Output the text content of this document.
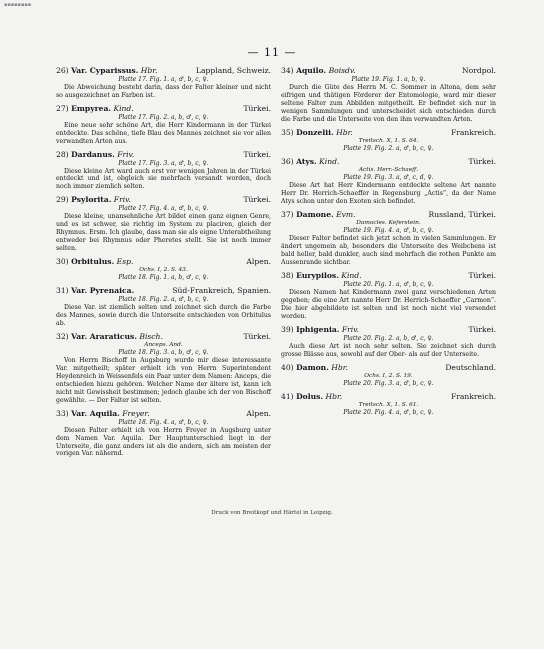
▪▪▪▪▪▪▪▪
— 11 —
26) Var. Cyparissus. Hbr.	Lappland, Schweiz.
Platte 17. Fig. 1. a, ♂, b, c, ♀.
Die Abweichung besteht darin, dass der Falter kleiner und nicht so ausgezeichnet an Farben ist.
27) Empyrea. Kind.	Türkei.
Platte 17. Fig. 2. a, b, ♂, c, ♀.
Eine neue sehr schöne Art, die Herr Kindermann in der Türkei entdeckte. Das schöne, tiefe Blau des Mannes zeichnet sie vor allen verwandten Arten aus.
28) Dardanus. Friv.	Türkei.
Platte 17. Fig. 3. a, ♂, b, c, ♀.
Diese kleine Art ward auch erst vor wenigen Jahren in der Türkei entdeckt und ist, obgleich sie mehrfach versandt worden, doch noch immer ziemlich selten.
29) Psylorita. Friv.	Türkei.
Platte 17. Fig. 4. a, ♂, b, c, ♀.
Diese kleine, unansehnliche Art bildet einen ganz eignen Genre, und es ist schwer, sie richtig im System zu placiren, gleich der Rhymnus. Ersm. Ich glaube, dass man sie als eigne Unterabtheilung entweder bei Rhymnus oder Pheretes stellt. Sie ist noch immer selten.
30) Orbitulus. Esp.	Alpen.
Ochs. I, 2. S. 43.
Platte 18. Fig. 1. a, b, ♂, c, ♀.
31) Var. Pyrenaica.	Süd-Frankreich, Spanien.
Platte 18. Fig. 2. a, ♂, b, c, ♀.
Diese Var. ist ziemlich selten und zeichnet sich durch die Farbe des Mannes, sowie durch die Unterseite entschieden von Orbitulus ab.
32) Var. Araraticus. Bisch.	Türkei.
Anceps. And.
Platte 18. Fig. 3. a, b, ♂, c, ♀.
Von Herrn Bischoff in Augsburg wurde mir diese interessante Var. mitgetheilt; später erhielt ich von Herrn Superintendent Heydenreich in Weissenfels ein Paar unter dem Namen: Anceps, die entschieden hiezu gehören. Welcher Name der ältere ist, kann ich nicht mit Gewissheit bestimmen; jedoch glaube ich der von Bischoff gewählte. — Der Falter ist selten.
33) Var. Aquila. Freyer.	Alpen.
Platte 18. Fig. 4. a, ♂, b, c, ♀.
Diesen Falter erhielt ich von Herrn Freyer in Augsburg unter dem Namen Var. Aquila. Der Hauptunterschied liegt in der Unterseite, die ganz anders ist als die andern, sich am meisten der vorigen Var. nähernd.
34) Aquilo. Boisdv.	Nordpol.
Platte 19. Fig. 1. a, b, ♀.
Durch die Güte des Herrn M. C. Sommer in Altona, dem sehr eifrigen und thätigen Förderer der Entomologie, ward mir dieser seltene Falter zum Abbilden mitgetheilt. Er befindet sich nur in wenigen Sammlungen und unterscheidet sich entschieden durch die Farbe und die Unterseite von den ihm verwandten Arten.
35) Donzelii. Hbr.	Frankreich.
Treitsch. X, 1. S. 64.
Platte 19. Fig. 2. a, ♂, b, c, ♀.
36) Atys. Kind.	Türkei.
Actis. Herr.-Schaeff.
Platte 19. Fig. 3. a, ♂, c, d, ♀.
Diese Art hat Herr Kindermann entdeckte seltene Art nannte Herr Dr. Herrich-Schaeffer in Regensburg „Actis“, da der Name Atys schon unter den Exoten sich befindet.
37) Damone. Evm.	Russland, Türkei.
Damocles. Keferstein.
Platte 19. Fig. 4. a, ♂, b, c, ♀.
Dieser Falter befindet sich jetzt schon in vielen Sammlungen. Er ändert ungemein ab, besonders die Unterseite des Weibchens ist bald heller, bald dunkler, auch sind mehrfach die rothen Punkte am Aussenrande sichtbar.
38) Eurypilos. Kind.	Türkei.
Platte 20. Fig. 1. a, ♂, b, c, ♀.
Diesen Namen hat Kindermann zwei ganz verschiedenen Arten gegeben; die eine Art nannte Herr Dr. Herrich-Schaeffer „Carmon“. Die hier abgebildete ist selten und ist noch nicht viel versendet worden.
39) Iphigenia. Friv.	Türkei.
Platte 20. Fig. 2. a, b, ♂, c, ♀.
Auch diese Art ist noch sehr selten. Sie zeichnet sich durch grosse Blässe aus, sowohl auf der Ober- als auf der Unterseite.
40) Damon. Hbr.	Deutschland.
Ochs. I, 2. S. 19.
Platte 20. Fig. 3. a, ♂, b, c, ♀.
41) Dolus. Hbr.	Frankreich.
Treitsch. X, 1. S. 61.
Platte 20. Fig. 4. a, ♂, b, c, ♀.
Druck von Breitkopf und Härtel in Leipzig.
